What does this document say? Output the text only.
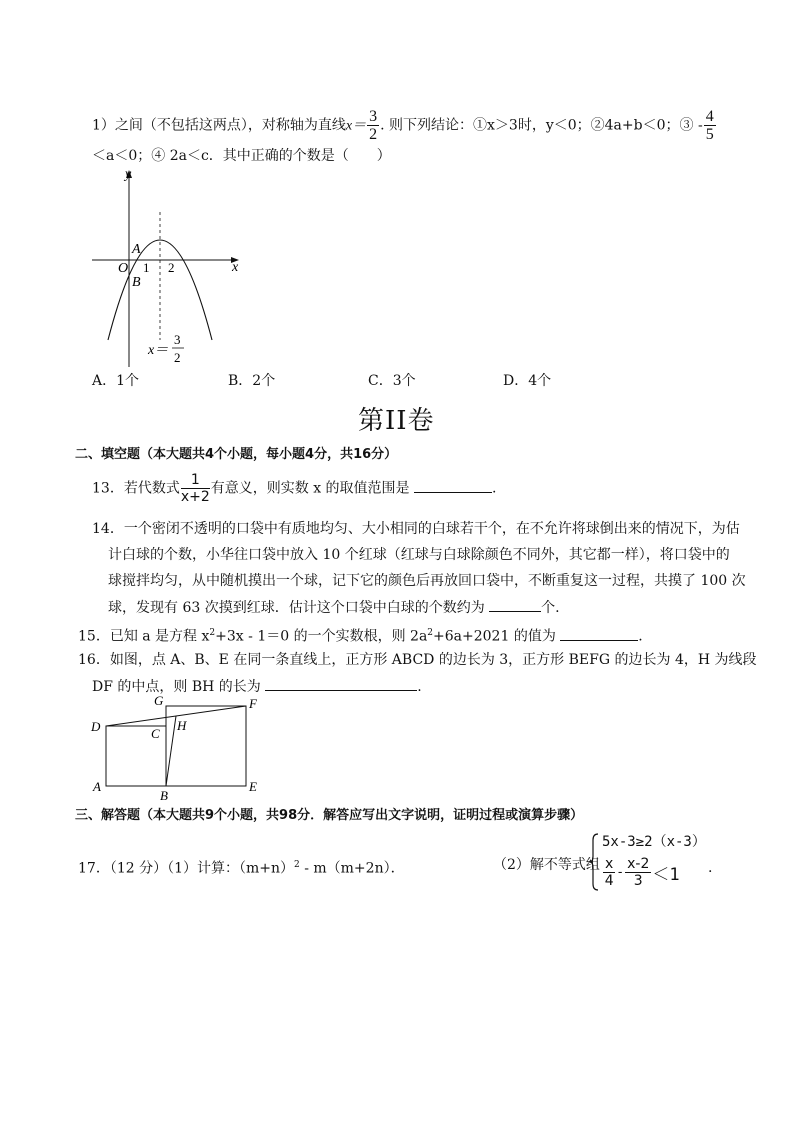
1）之间（不包括这两点），对称轴为直线$x= \frac{3}{2}$ . 则下列结论：①x＞3时，y＜0；②4a+b＜0；③ - $\frac{4}{5}$
＜a＜0；④ 2a＜c．其中正确的个数是（　　）
y
x
O 1 2
A
B
x＝
3
2
A．1个	B．2个	C．3个	D．4个
第II卷
二、填空题（本大题共4个小题，每小题4分，共16分）
13．若代数式 $\frac{1}{x+2}$ 有意义，则实数 x 的取值范围是	.
14．一个密闭不透明的口袋中有质地均匀、大小相同的白球若干个，在不允许将球倒出来的情况下，为估
计白球的个数，小华往口袋中放入 10 个红球（红球与白球除颜色不同外，其它都一样），将口袋中的
球搅拌均匀，从中随机摸出一个球，记下它的颜色后再放回口袋中，不断重复这一过程，共摸了 100 次
球，发现有 63 次摸到红球．估计这个口袋中白球的个数约为	个.
15．已知 a 是方程 $x^2+3x - 1=0$ 的一个实数根，则 $2a^2+6a+2021$ 的值为	.
16．如图，点 A、B、E 在同一条直线上，正方形 ABCD 的边长为 3，正方形 BEFG 的边长为 4，H 为线段
DF 的中点，则 BH 的长为	.
G	F
D	C
H
A
B
E
三、解答题（本大题共9个小题，共98分．解答应写出文字说明，证明过程或演算步骤）
17．（12 分）（1）计算：$(m+n)^2 - m(m+2n)$．	（2）解不等式组
5x-3≥2（x-3）
$\frac{x}{4} - \frac{x-2}{3} <1$ .
